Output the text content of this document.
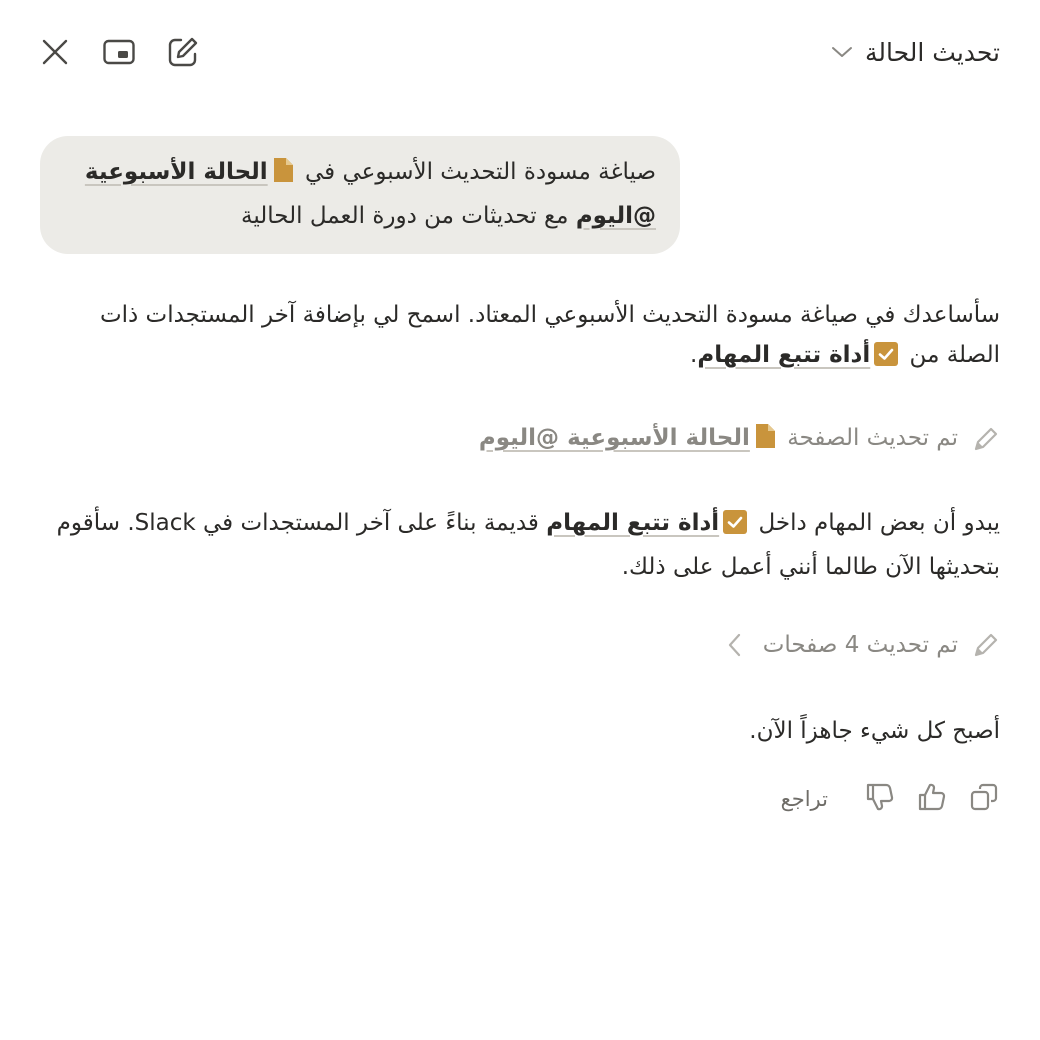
تحديث الحالة
صياغة مسودة التحديث الأسبوعي في الحالة الأسبوعية @اليوم مع تحديثات من دورة العمل الحالية
سأساعدك في صياغة مسودة التحديث الأسبوعي المعتاد. اسمح لي بإضافة آخر المستجدات ذات الصلة من أداة تتبع المهام.
تم تحديث الصفحة الحالة الأسبوعية @اليوم
يبدو أن بعض المهام داخل أداة تتبع المهام قديمة بناءً على آخر المستجدات في Slack. سأقوم بتحديثها الآن طالما أنني أعمل على ذلك.
تم تحديث 4 صفحات
أصبح كل شيء جاهزاً الآن.
تراجع
